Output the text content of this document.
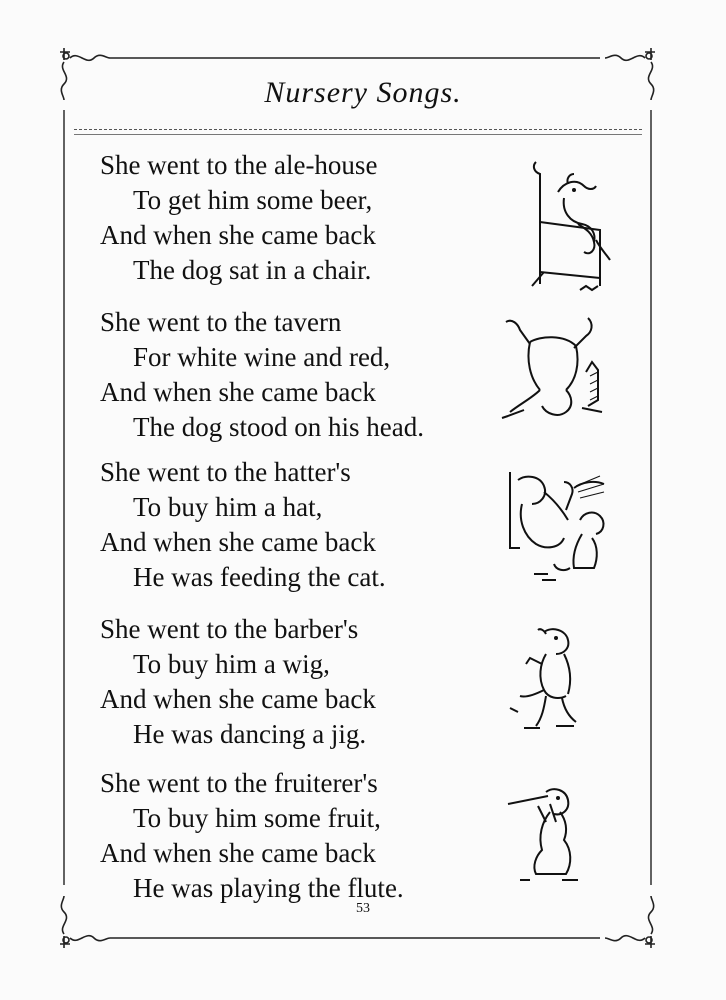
Nursery Songs.
She went to the ale-house
To get him some beer,
And when she came back
The dog sat in a chair.
She went to the tavern
For white wine and red,
And when she came back
The dog stood on his head.
She went to the hatter's
To buy him a hat,
And when she came back
He was feeding the cat.
She went to the barber's
To buy him a wig,
And when she came back
He was dancing a jig.
She went to the fruiterer's
To buy him some fruit,
And when she came back
He was playing the flute.
53
